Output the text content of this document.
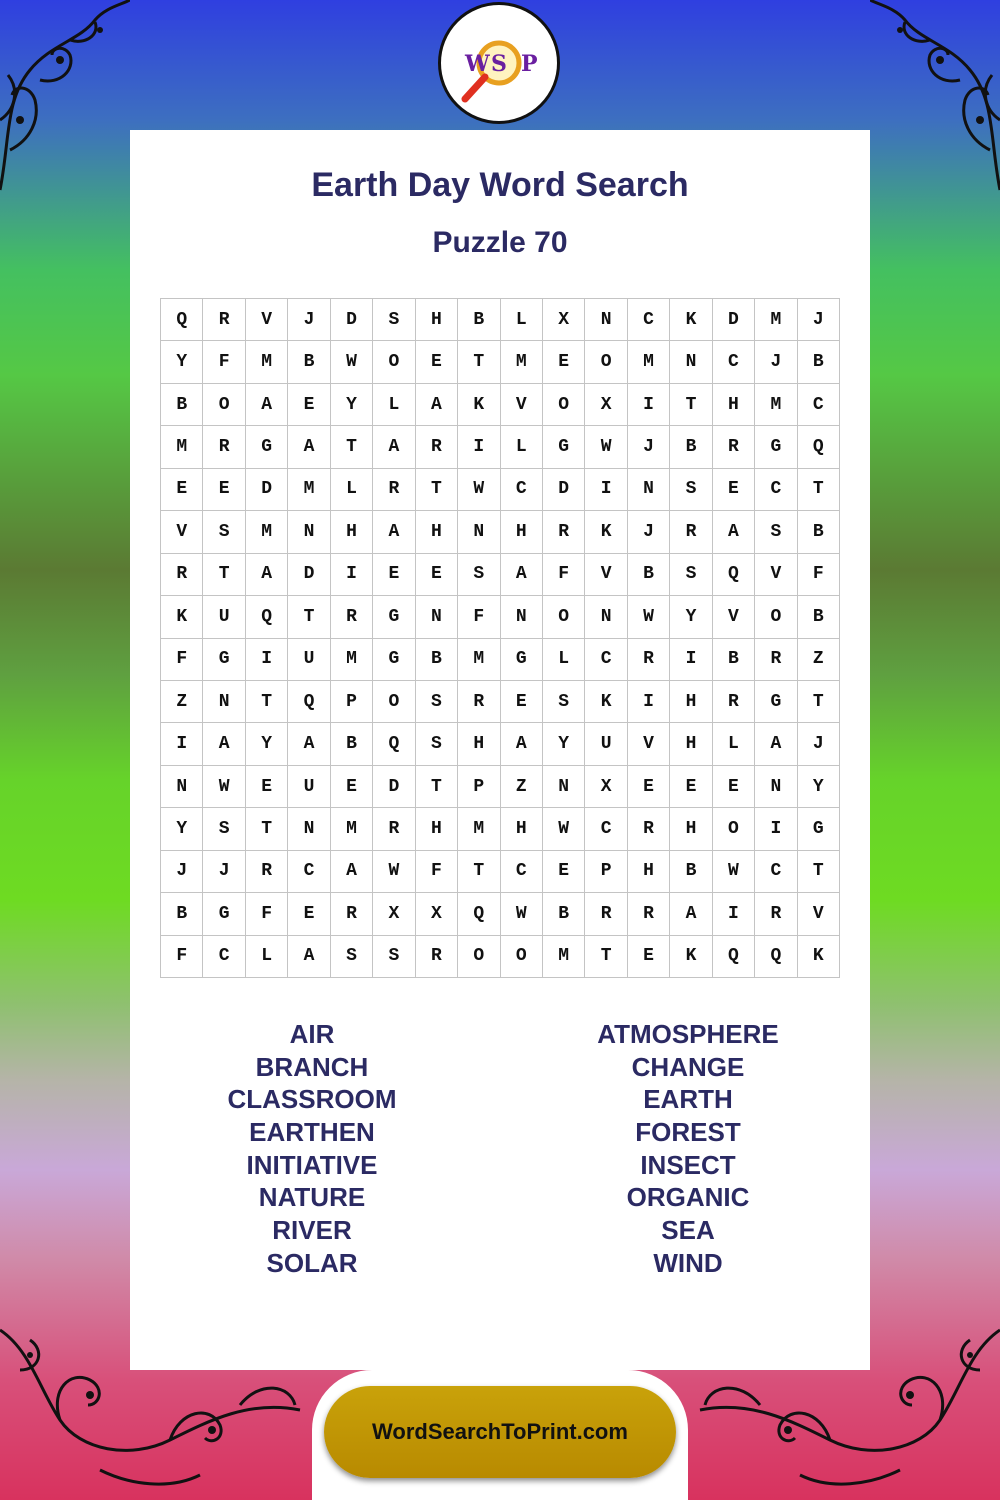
W S P
Earth Day Word Search
Puzzle 70
Q	R	V	J	D	S	H	B	L	X	N	C	K	D	M	J
Y	F	M	B	W	O	E	T	M	E	O	M	N	C	J	B
B	O	A	E	Y	L	A	K	V	O	X	I	T	H	M	C
M	R	G	A	T	A	R	I	L	G	W	J	B	R	G	Q
E	E	D	M	L	R	T	W	C	D	I	N	S	E	C	T
V	S	M	N	H	A	H	N	H	R	K	J	R	A	S	B
R	T	A	D	I	E	E	S	A	F	V	B	S	Q	V	F
K	U	Q	T	R	G	N	F	N	O	N	W	Y	V	O	B
F	G	I	U	M	G	B	M	G	L	C	R	I	B	R	Z
Z	N	T	Q	P	O	S	R	E	S	K	I	H	R	G	T
I	A	Y	A	B	Q	S	H	A	Y	U	V	H	L	A	J
N	W	E	U	E	D	T	P	Z	N	X	E	E	E	N	Y
Y	S	T	N	M	R	H	M	H	W	C	R	H	O	I	G
J	J	R	C	A	W	F	T	C	E	P	H	B	W	C	T
B	G	F	E	R	X	X	Q	W	B	R	R	A	I	R	V
F	C	L	A	S	S	R	O	O	M	T	E	K	Q	Q	K
AIR
BRANCH
CLASSROOM
EARTHEN
INITIATIVE
NATURE
RIVER
SOLAR
ATMOSPHERE
CHANGE
EARTH
FOREST
INSECT
ORGANIC
SEA
WIND
WordSearchToPrint.com
